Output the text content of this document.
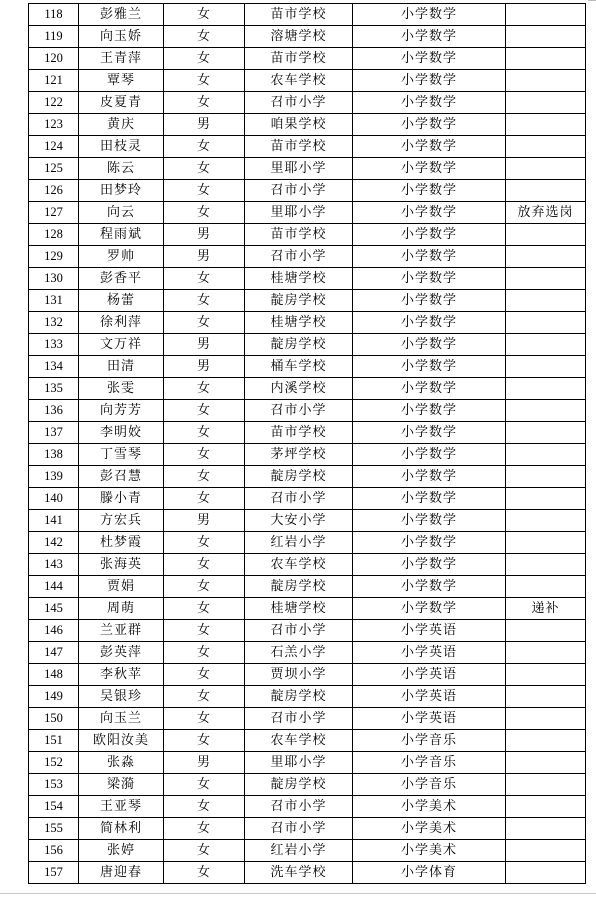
118	彭雅兰	女	苗市学校	小学数学	
119	向玉娇	女	溶塘学校	小学数学	
120	王青萍	女	苗市学校	小学数学	
121	覃琴	女	农车学校	小学数学	
122	皮夏青	女	召市小学	小学数学	
123	黄庆	男	咱果学校	小学数学	
124	田枝灵	女	苗市学校	小学数学	
125	陈云	女	里耶小学	小学数学	
126	田梦玲	女	召市小学	小学数学	
127	向云	女	里耶小学	小学数学	放弃选岗
128	程雨斌	男	苗市学校	小学数学	
129	罗帅	男	召市小学	小学数学	
130	彭香平	女	桂塘学校	小学数学	
131	杨蕾	女	靛房学校	小学数学	
132	徐利萍	女	桂塘学校	小学数学	
133	文万祥	男	靛房学校	小学数学	
134	田清	男	桶车学校	小学数学	
135	张雯	女	内溪学校	小学数学	
136	向芳芳	女	召市小学	小学数学	
137	李明姣	女	苗市学校	小学数学	
138	丁雪琴	女	茅坪学校	小学数学	
139	彭召慧	女	靛房学校	小学数学	
140	滕小青	女	召市小学	小学数学	
141	方宏兵	男	大安小学	小学数学	
142	杜梦霞	女	红岩小学	小学数学	
143	张海英	女	农车学校	小学数学	
144	贾娟	女	靛房学校	小学数学	
145	周萌	女	桂塘学校	小学数学	递补
146	兰亚群	女	召市小学	小学英语	
147	彭英萍	女	石羔小学	小学英语	
148	李秋苹	女	贾坝小学	小学英语	
149	吴银珍	女	靛房学校	小学英语	
150	向玉兰	女	召市小学	小学英语	
151	欧阳汝美	女	农车学校	小学音乐	
152	张淼	男	里耶小学	小学音乐	
153	梁漪	女	靛房学校	小学音乐	
154	王亚琴	女	召市小学	小学美术	
155	简林利	女	召市小学	小学美术	
156	张婷	女	红岩小学	小学美术	
157	唐迎春	女	洗车学校	小学体育	
